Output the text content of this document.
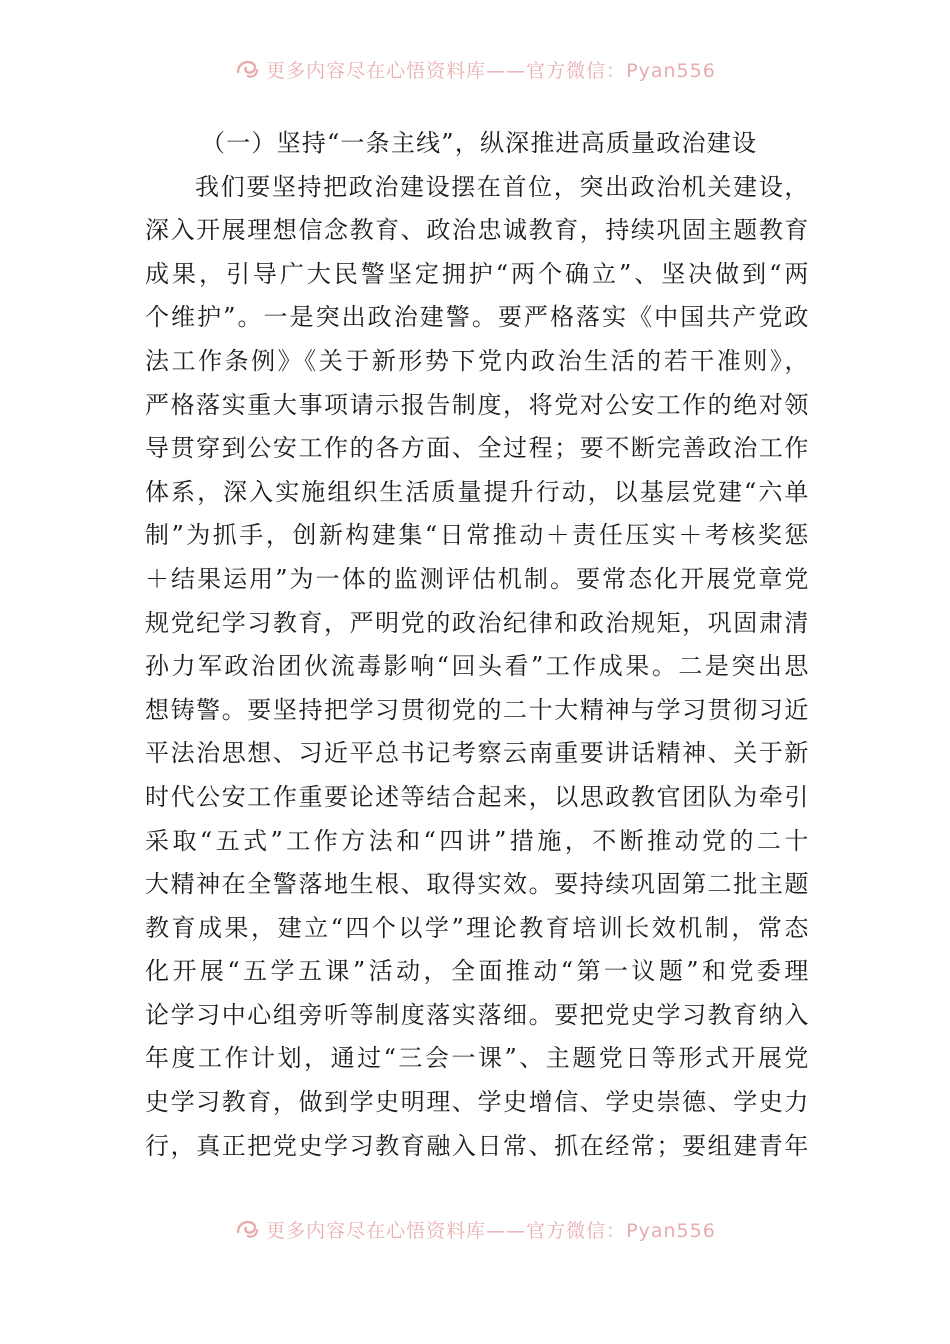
更多内容尽在心悟资料库——官方微信：Pyan556
（一）坚持“一条主线”，纵深推进高质量政治建设
我们要坚持把政治建设摆在首位，突出政治机关建设，
深入开展理想信念教育、政治忠诚教育，持续巩固主题教育
成果，引导广大民警坚定拥护“两个确立”、坚决做到“两
个维护”。一是突出政治建警。要严格落实《中国共产党政
法工作条例》《关于新形势下党内政治生活的若干准则》，
严格落实重大事项请示报告制度，将党对公安工作的绝对领
导贯穿到公安工作的各方面、全过程；要不断完善政治工作
体系，深入实施组织生活质量提升行动，以基层党建“六单
制”为抓手，创新构建集“日常推动＋责任压实＋考核奖惩
＋结果运用”为一体的监测评估机制。要常态化开展党章党
规党纪学习教育，严明党的政治纪律和政治规矩，巩固肃清
孙力军政治团伙流毒影响“回头看”工作成果。二是突出思
想铸警。要坚持把学习贯彻党的二十大精神与学习贯彻习近
平法治思想、习近平总书记考察云南重要讲话精神、关于新
时代公安工作重要论述等结合起来，以思政教官团队为牵引
采取“五式”工作方法和“四讲”措施，不断推动党的二十
大精神在全警落地生根、取得实效。要持续巩固第二批主题
教育成果，建立“四个以学”理论教育培训长效机制，常态
化开展“五学五课”活动，全面推动“第一议题”和党委理
论学习中心组旁听等制度落实落细。要把党史学习教育纳入
年度工作计划，通过“三会一课”、主题党日等形式开展党
史学习教育，做到学史明理、学史增信、学史崇德、学史力
行，真正把党史学习教育融入日常、抓在经常；要组建青年
更多内容尽在心悟资料库——官方微信：Pyan556
